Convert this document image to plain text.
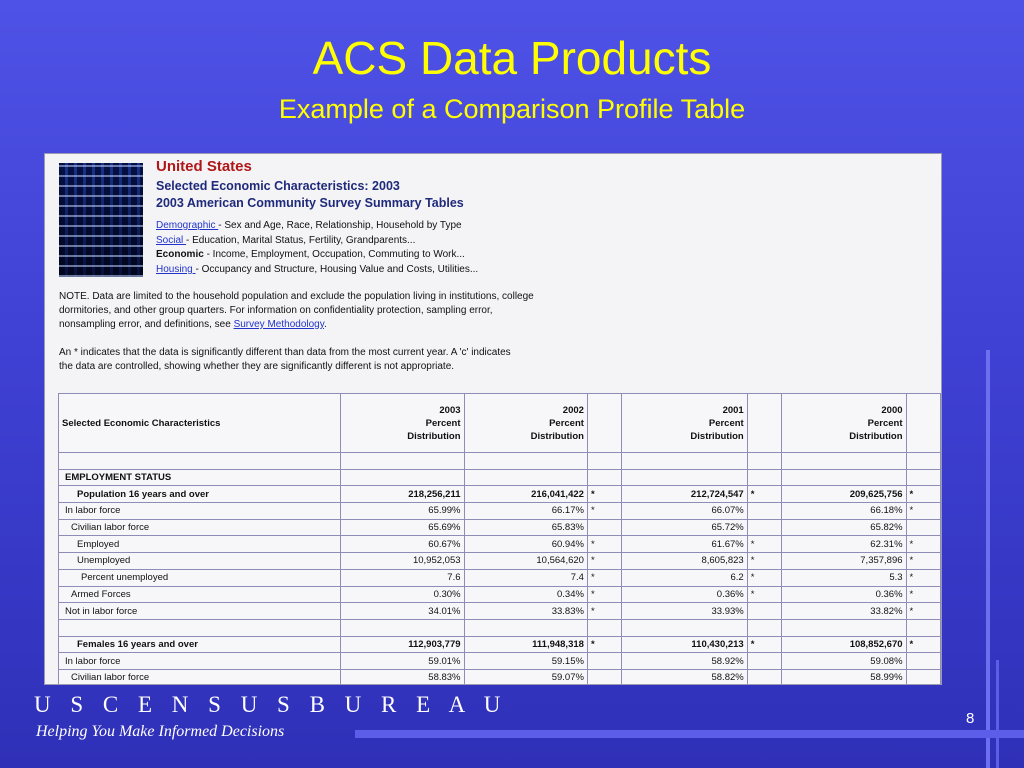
ACS Data Products
Example of a Comparison Profile Table
United States
Selected Economic Characteristics: 2003
2003 American Community Survey Summary Tables
Demographic - Sex and Age, Race, Relationship, Household by Type
Social - Education, Marital Status, Fertility, Grandparents...
Economic - Income, Employment, Occupation, Commuting to Work...
Housing - Occupancy and Structure, Housing Value and Costs, Utilities...
NOTE. Data are limited to the household population and exclude the population living in institutions, college
dormitories, and other group quarters. For information on confidentiality protection, sampling error,
nonsampling error, and definitions, see Survey Methodology.
An * indicates that the data is significantly different than data from the most current year. A 'c' indicates
the data are controlled, showing whether they are significantly different is not appropriate.
Selected Economic Characteristics	2003
Percent
Distribution	2002
Percent
Distribution		2001
Percent
Distribution		2000
Percent
Distribution	

EMPLOYMENT STATUS							
Population 16 years and over	218,256,211	216,041,422	*	212,724,547	*	209,625,756	*
In labor force	65.99%	66.17%	*	66.07%		66.18%	*
Civilian labor force	65.69%	65.83%		65.72%		65.82%	
Employed	60.67%	60.94%	*	61.67%	*	62.31%	*
Unemployed	10,952,053	10,564,620	*	8,605,823	*	7,357,896	*
Percent unemployed	7.6	7.4	*	6.2	*	5.3	*
Armed Forces	0.30%	0.34%	*	0.36%	*	0.36%	*
Not in labor force	34.01%	33.83%	*	33.93%		33.82%	*

Females 16 years and over	112,903,779	111,948,318	*	110,430,213	*	108,852,670	*
In labor force	59.01%	59.15%		58.92%		59.08%	
Civilian labor force	58.83%	59.07%		58.82%		58.99%	
U S C E N S U S B U R E A U
Helping You Make Informed Decisions
8
